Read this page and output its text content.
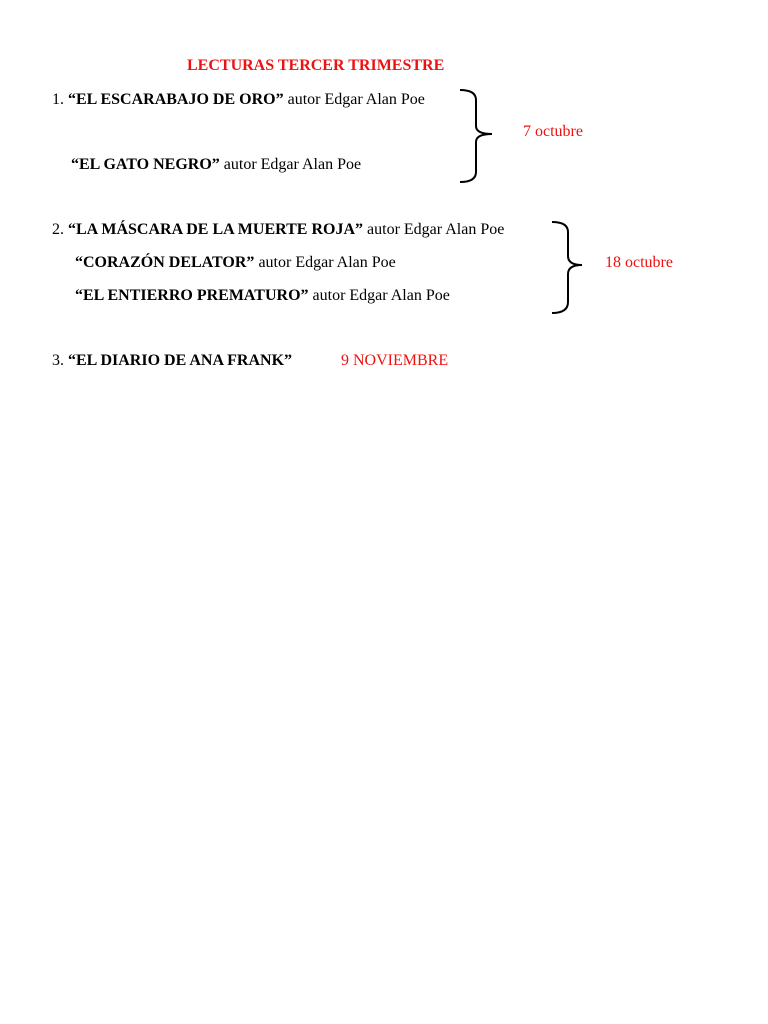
LECTURAS TERCER TRIMESTRE
1. “EL ESCARABAJO DE ORO” autor Edgar Alan Poe
“EL GATO NEGRO” autor Edgar Alan Poe
7 octubre
2. “LA MÁSCARA DE LA MUERTE ROJA” autor Edgar Alan Poe
“CORAZÓN DELATOR” autor Edgar Alan Poe
“EL ENTIERRO PREMATURO” autor Edgar Alan Poe
18 octubre
3. “EL DIARIO DE ANA FRANK”	9 NOVIEMBRE
